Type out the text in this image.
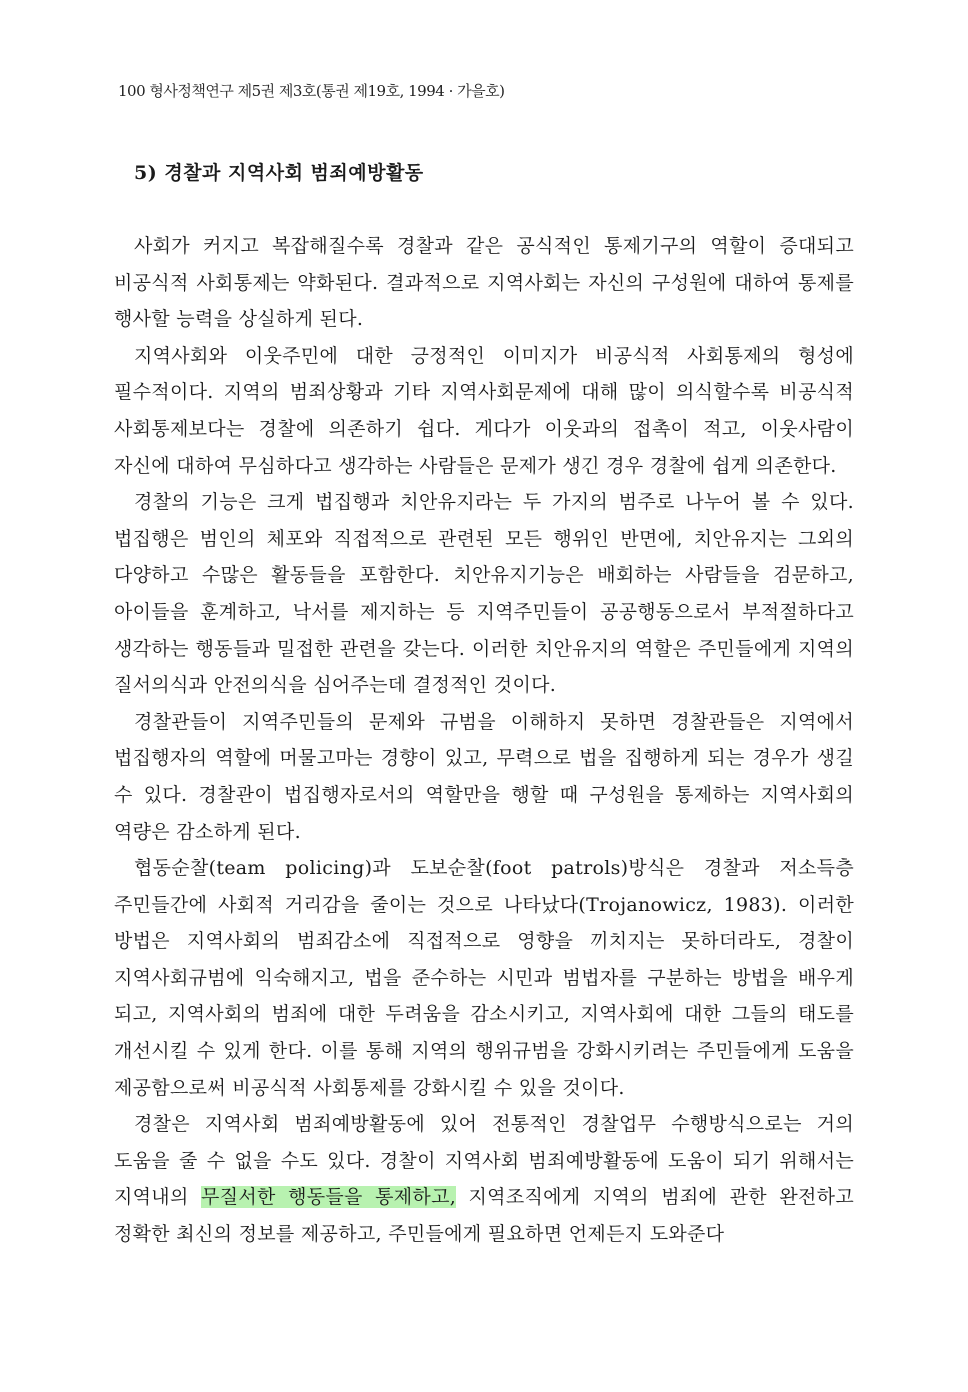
100 형사정책연구 제5권 제3호(통권 제19호, 1994 · 가을호)
5) 경찰과 지역사회 범죄예방활동

사회가 커지고 복잡해질수록 경찰과 같은 공식적인 통제기구의 역할이 증대되고 비공식적 사회통제는 약화된다. 결과적으로 지역사회는 자신의 구성원에 대하여 통제를 행사할 능력을 상실하게 된다.

지역사회와 이웃주민에 대한 긍정적인 이미지가 비공식적 사회통제의 형성에 필수적이다. 지역의 범죄상황과 기타 지역사회문제에 대해 많이 의식할수록 비공식적 사회통제보다는 경찰에 의존하기 쉽다. 게다가 이웃과의 접촉이 적고, 이웃사람이 자신에 대하여 무심하다고 생각하는 사람들은 문제가 생긴 경우 경찰에 쉽게 의존한다.

경찰의 기능은 크게 법집행과 치안유지라는 두 가지의 범주로 나누어 볼 수 있다. 법집행은 범인의 체포와 직접적으로 관련된 모든 행위인 반면에, 치안유지는 그외의 다양하고 수많은 활동들을 포함한다. 치안유지기능은 배회하는 사람들을 검문하고, 아이들을 훈계하고, 낙서를 제지하는 등 지역주민들이 공공행동으로서 부적절하다고 생각하는 행동들과 밀접한 관련을 갖는다. 이러한 치안유지의 역할은 주민들에게 지역의 질서의식과 안전의식을 심어주는데 결정적인 것이다.

경찰관들이 지역주민들의 문제와 규범을 이해하지 못하면 경찰관들은 지역에서 법집행자의 역할에 머물고마는 경향이 있고, 무력으로 법을 집행하게 되는 경우가 생길 수 있다. 경찰관이 법집행자로서의 역할만을 행할 때 구성원을 통제하는 지역사회의 역량은 감소하게 된다.

협동순찰(team policing)과 도보순찰(foot patrols)방식은 경찰과 저소득층 주민들간에 사회적 거리감을 줄이는 것으로 나타났다(Trojanowicz, 1983). 이러한 방법은 지역사회의 범죄감소에 직접적으로 영향을 끼치지는 못하더라도, 경찰이 지역사회규범에 익숙해지고, 법을 준수하는 시민과 범법자를 구분하는 방법을 배우게 되고, 지역사회의 범죄에 대한 두려움을 감소시키고, 지역사회에 대한 그들의 태도를 개선시킬 수 있게 한다. 이를 통해 지역의 행위규범을 강화시키려는 주민들에게 도움을 제공함으로써 비공식적 사회통제를 강화시킬 수 있을 것이다.

경찰은 지역사회 범죄예방활동에 있어 전통적인 경찰업무 수행방식으로는 거의 도움을 줄 수 없을 수도 있다. 경찰이 지역사회 범죄예방활동에 도움이 되기 위해서는 지역내의 무질서한 행동들을 통제하고, 지역조직에게 지역의 범죄에 관한 완전하고 정확한 최신의 정보를 제공하고, 주민들에게 필요하면 언제든지 도와준다
